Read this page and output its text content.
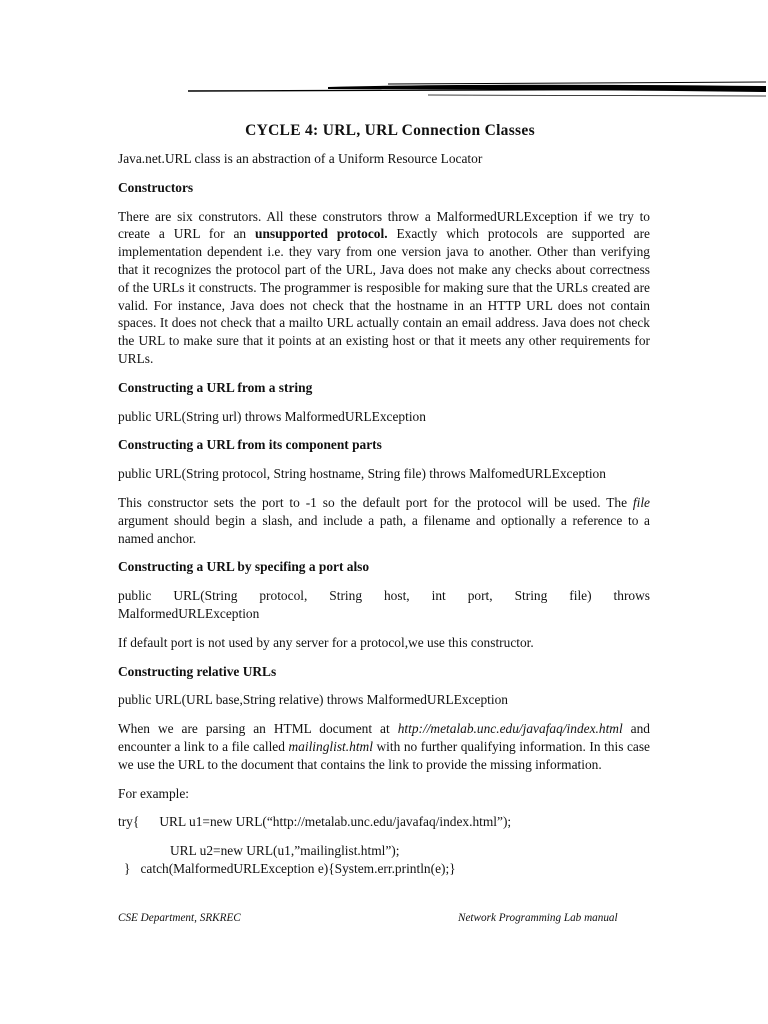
CYCLE 4: URL, URL Connection Classes

Java.net.URL class is an abstraction of a Uniform Resource Locator

Constructors

There are six construtors. All these construtors throw a MalformedURLException if we try to create a URL for an unsupported protocol. Exactly which protocols are supported are implementation dependent i.e. they vary from one version java to another. Other than verifying that it recognizes the protocol part of the URL, Java does not make any checks about correctness of the URLs it constructs. The programmer is resposible for making sure that the URLs created are valid. For instance, Java does not check that the hostname in an HTTP URL does not contain spaces. It does not check that a mailto URL actually contain an email address. Java does not check the URL to make sure that it points at an existing host or that it meets any other requirements for URLs.

Constructing a URL from a string

public URL(String url) throws MalformedURLException

Constructing a URL from its component parts

public URL(String protocol, String hostname, String file) throws MalfomedURLException

This constructor sets the port to -1 so the default port for the protocol will be used. The file argument should begin a slash, and include a path, a filename and optionally a reference to a named anchor.

Constructing a URL by specifing a port also

public URL(String protocol, String host, int port, String file) throws
MalformedURLException

If default port is not used by any server for a protocol,we use this constructor.

Constructing relative URLs

public URL(URL base,String relative) throws MalformedURLException

When we are parsing an HTML document at http://metalab.unc.edu/javafaq/index.html and encounter a link to a file called mailinglist.html with no further qualifying information. In this case we use the URL to the document that contains the link to provide the missing information.

For example:

try{      URL u1=new URL(“http://metalab.unc.edu/javafaq/index.html”);

URL u2=new URL(u1,”mailinglist.html”);

}   catch(MalformedURLException e){System.err.println(e);}

CSE Department, SRKREC	Network Programming Lab manual
